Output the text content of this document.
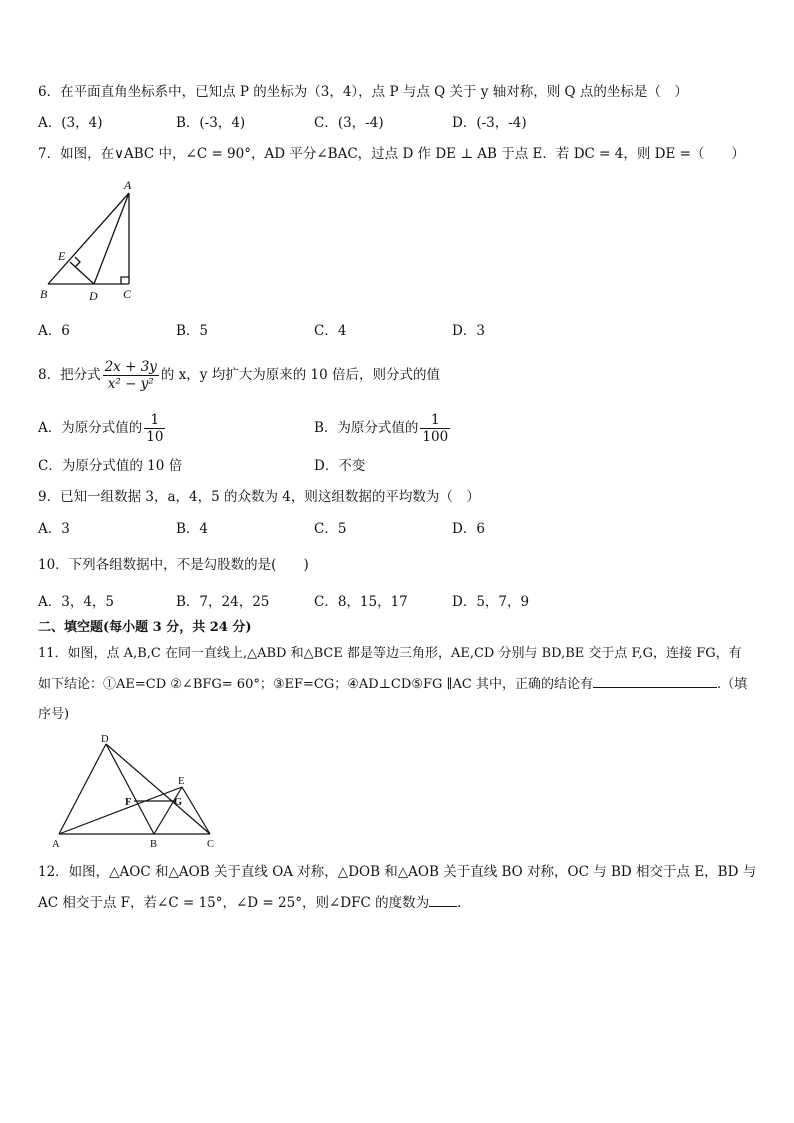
6．在平面直角坐标系中，已知点 P 的坐标为（3，4），点 P 与点 Q 关于 y 轴对称，则 Q 点的坐标是（　）
A．(3，4)	B．(-3，4)	C．(3，-4)	D．(-3，-4)
7．如图，在∨ABC 中，∠C = 90°，AD 平分∠BAC，过点 D 作 DE ⊥ AB 于点 E．若 DC = 4，则 DE =（　　）
A
E
B	D C
A．6	B．5	C．4	D．3
8．把分式 $\frac{2x + 3y}{\text{x² − y²}}$ 的 x，y 均扩大为原来的 10 倍后，则分式的值
A．为原分式值的 $\frac{1}{10}$	B．为原分式值的 $\frac{1}{100}$
C．为原分式值的 10 倍	D．不变
9．已知一组数据 3，a，4，5 的众数为 4，则这组数据的平均数为（　）
A．3	B．4	C．5	D．6
10．下列各组数据中，不是勾股数的是(　　)
A．3，4，5	B．7，24，25	C．8，15，17	D．5，7，9
二、填空题(每小题 3 分，共 24 分)
11．如图，点 A,B,C 在同一直线上,△ABD 和△BCE 都是等边三角形，AE,CD 分别与 BD,BE 交于点 F,G，连接 FG，有
如下结论：①AE=CD ②∠BFG= 60°；③EF=CG；④AD⊥CD⑤FG ∥AC 其中，正确的结论有	.（填
序号)
D
E
F	G
A	B	C
12．如图，△AOC 和△AOB 关于直线 OA 对称，△DOB 和△AOB 关于直线 BO 对称，OC 与 BD 相交于点 E，BD 与
AC 相交于点 F，若∠C = 15°，∠D = 25°，则∠DFC 的度数为 .
